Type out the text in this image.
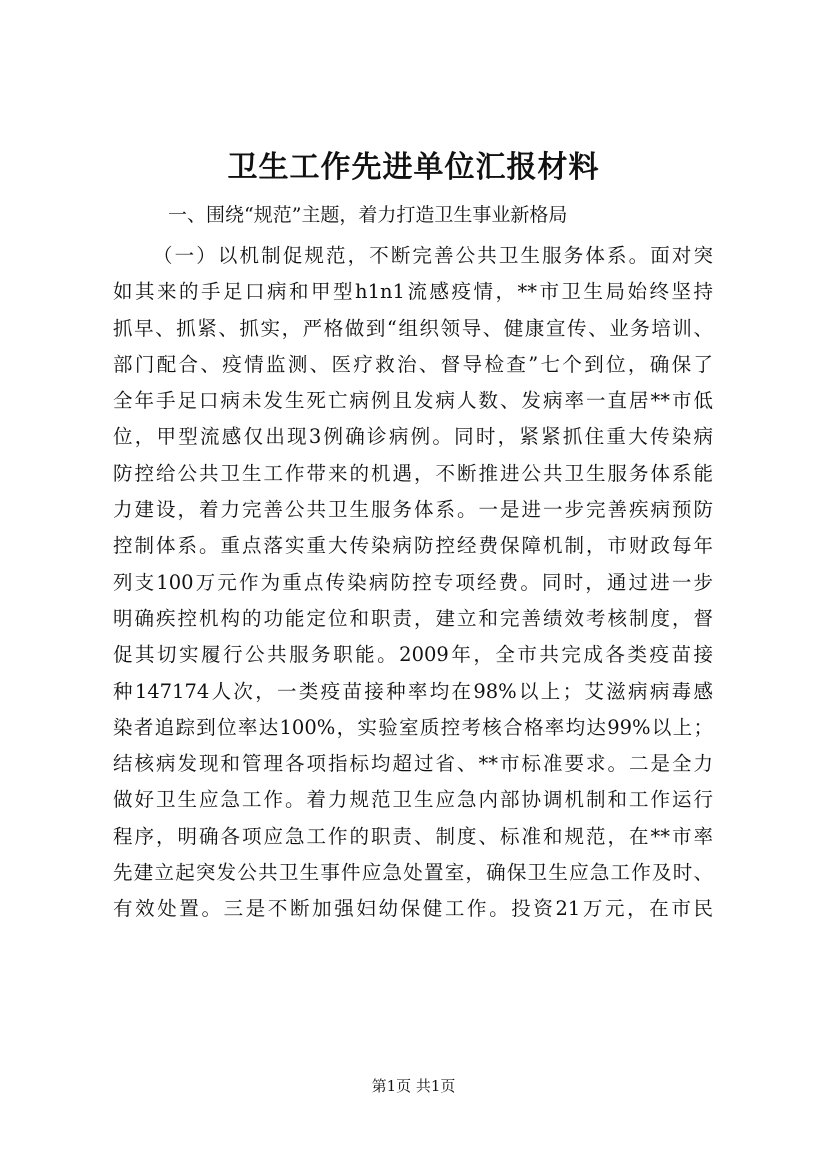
卫生工作先进单位汇报材料

一、围绕“规范”主题，着力打造卫生事业新格局

（一）以机制促规范，不断完善公共卫生服务体系。面对突
如其来的手足口病和甲型h1n1流感疫情，**市卫生局始终坚持
抓早、抓紧、抓实，严格做到“组织领导、健康宣传、业务培训、
部门配合、疫情监测、医疗救治、督导检查”七个到位，确保了
全年手足口病未发生死亡病例且发病人数、发病率一直居**市低
位，甲型流感仅出现3例确诊病例。同时，紧紧抓住重大传染病
防控给公共卫生工作带来的机遇，不断推进公共卫生服务体系能
力建设，着力完善公共卫生服务体系。一是进一步完善疾病预防
控制体系。重点落实重大传染病防控经费保障机制，市财政每年
列支100万元作为重点传染病防控专项经费。同时，通过进一步
明确疾控机构的功能定位和职责，建立和完善绩效考核制度，督
促其切实履行公共服务职能。2009年，全市共完成各类疫苗接
种147174人次，一类疫苗接种率均在98%以上；艾滋病病毒感
染者追踪到位率达100%，实验室质控考核合格率均达99%以上；
结核病发现和管理各项指标均超过省、**市标准要求。二是全力
做好卫生应急工作。着力规范卫生应急内部协调机制和工作运行
程序，明确各项应急工作的职责、制度、标准和规范，在**市率
先建立起突发公共卫生事件应急处置室，确保卫生应急工作及时、
有效处置。三是不断加强妇幼保健工作。投资21万元，在市民

第1页 共1页
